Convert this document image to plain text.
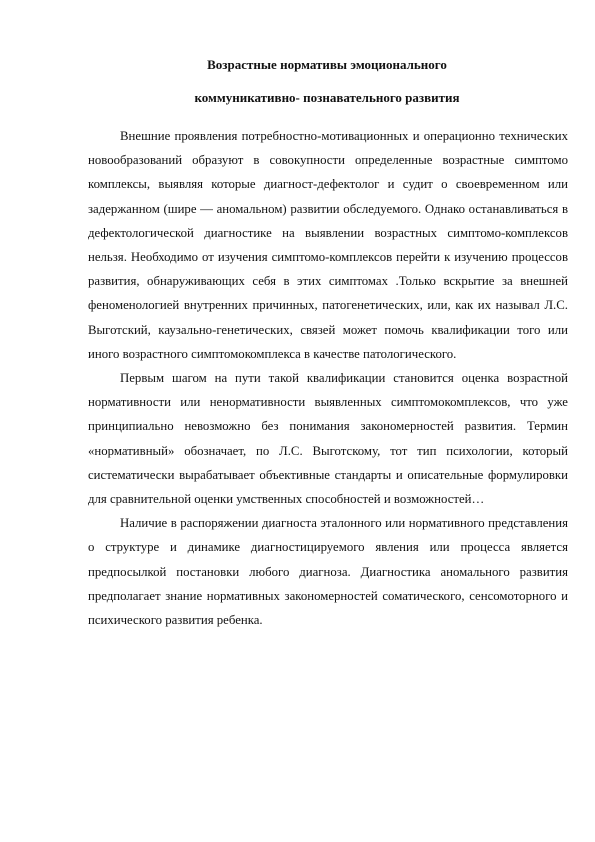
Возрастные нормативы эмоционального
коммуникативно- познавательного развития

Внешние проявления потребностно-мотивационных и операционно технических новообразований образуют в совокупности определенные возрастные симптомо комплексы, выявляя которые диагност-дефектолог и судит о своевременном или задержанном (шире — аномальном) развитии обследуемого. Однако останавливаться в дефектологической диагностике на выявлении возрастных симптомо-комплексов нельзя. Необходимо от изучения симптомо-комплексов перейти к изучению процессов развития, обнаруживающих себя в этих симптомах .Только вскрытие за внешней феноменологией внутренних причинных, патогенетических, или, как их называл Л.С. Выготский, каузально-генетических, связей может помочь квалификации того или иного возрастного симптомокомплекса в качестве патологического.

Первым шагом на пути такой квалификации становится оценка возрастной нормативности или ненормативности выявленных симптомокомплексов, что уже принципиально невозможно без понимания закономерностей развития. Термин «нормативный» обозначает, по Л.С. Выготскому, тот тип психологии, который систематически вырабатывает объективные стандарты и описательные формулировки для сравнительной оценки умственных способностей и возможностей…

Наличие в распоряжении диагноста эталонного или нормативного представления о структуре и динамике диагностицируемого явления или процесса является предпосылкой постановки любого диагноза. Диагностика аномального развития предполагает знание нормативных закономерностей соматического, сенсомоторного и психического развития ребенка.
